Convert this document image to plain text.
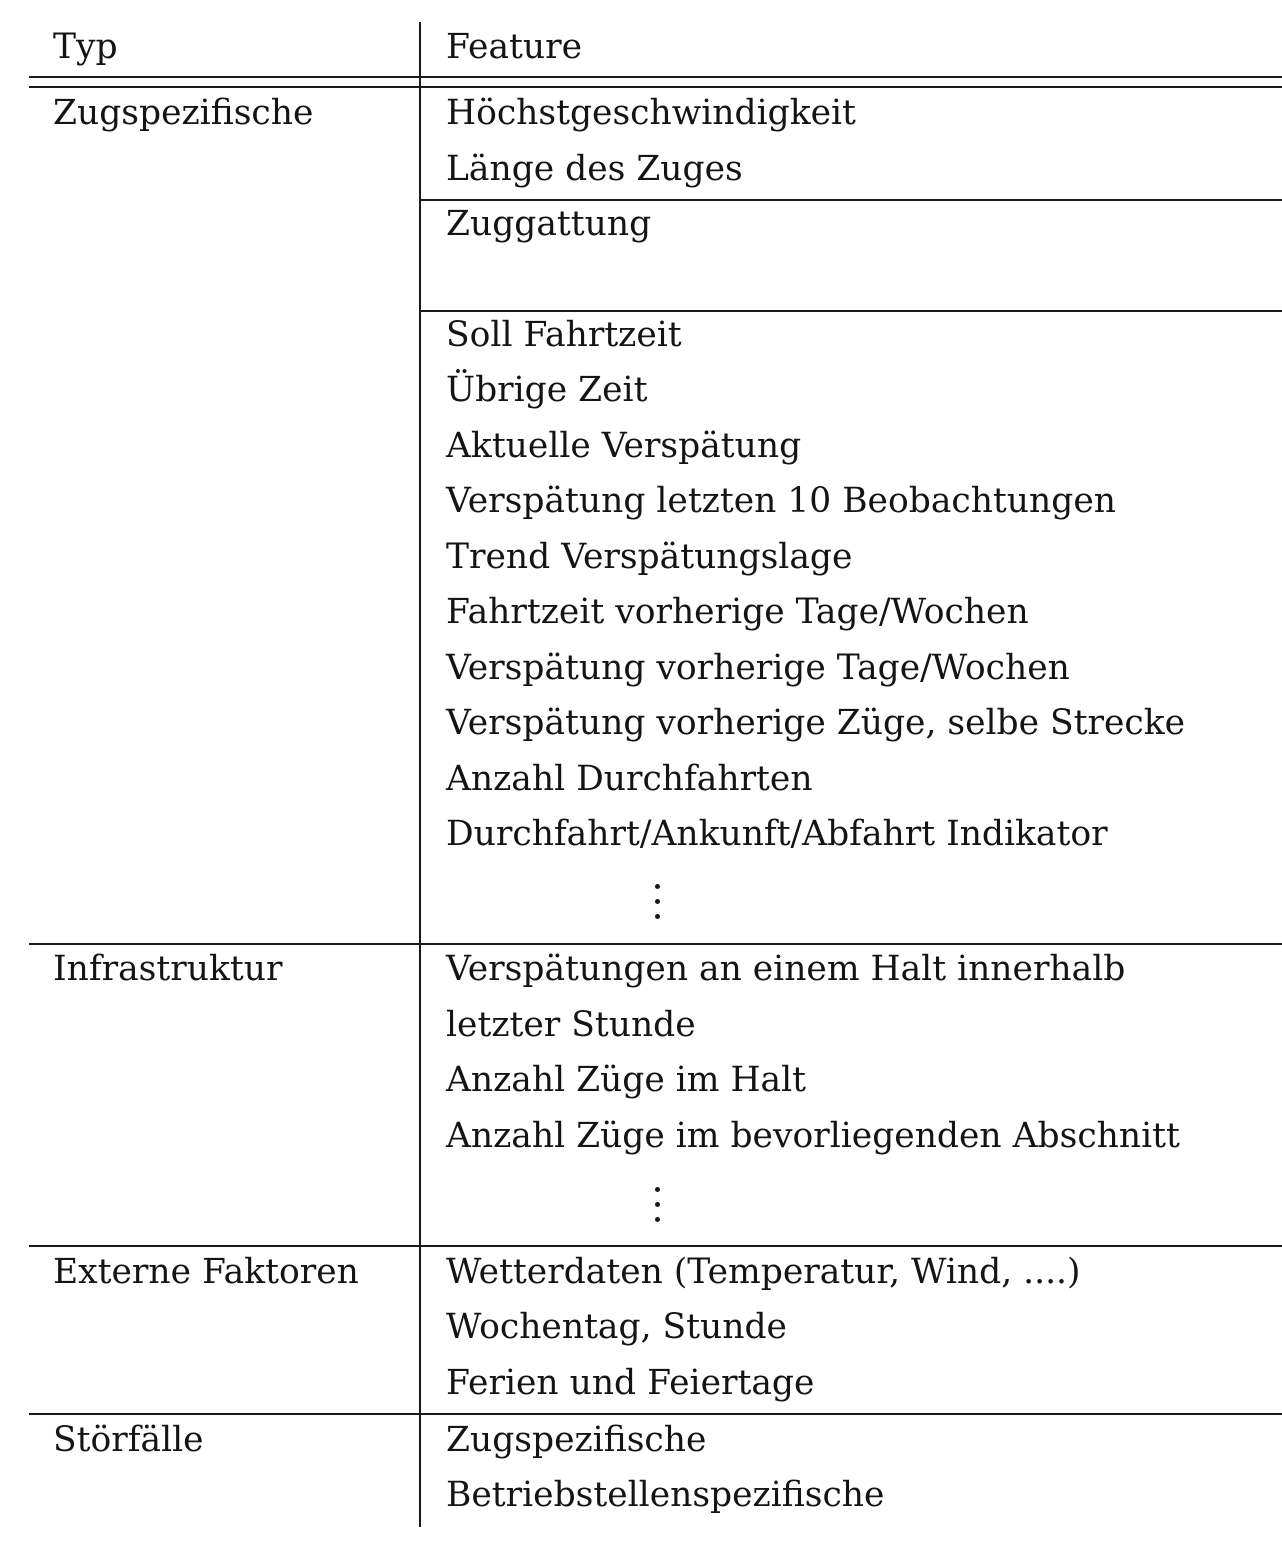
Typ	Feature
Zugspezifische	Höchstgeschwindigkeit
Länge des Zuges
Zuggattung
Soll Fahrtzeit
Übrige Zeit
Aktuelle Verspätung
Verspätung letzten 10 Beobachtungen
Trend Verspätungslage
Fahrtzeit vorherige Tage/Wochen
Verspätung vorherige Tage/Wochen
Verspätung vorherige Züge, selbe Strecke
Anzahl Durchfahrten
Durchfahrt/Ankunft/Abfahrt Indikator
Infrastruktur	Verspätungen an einem Halt innerhalb
letzter Stunde
Anzahl Züge im Halt
Anzahl Züge im bevorliegenden Abschnitt
Externe Faktoren	Wetterdaten (Temperatur, Wind, ....)
Wochentag, Stunde
Ferien und Feiertage
Störfälle	Zugspezifische
Betriebstellenspezifische
